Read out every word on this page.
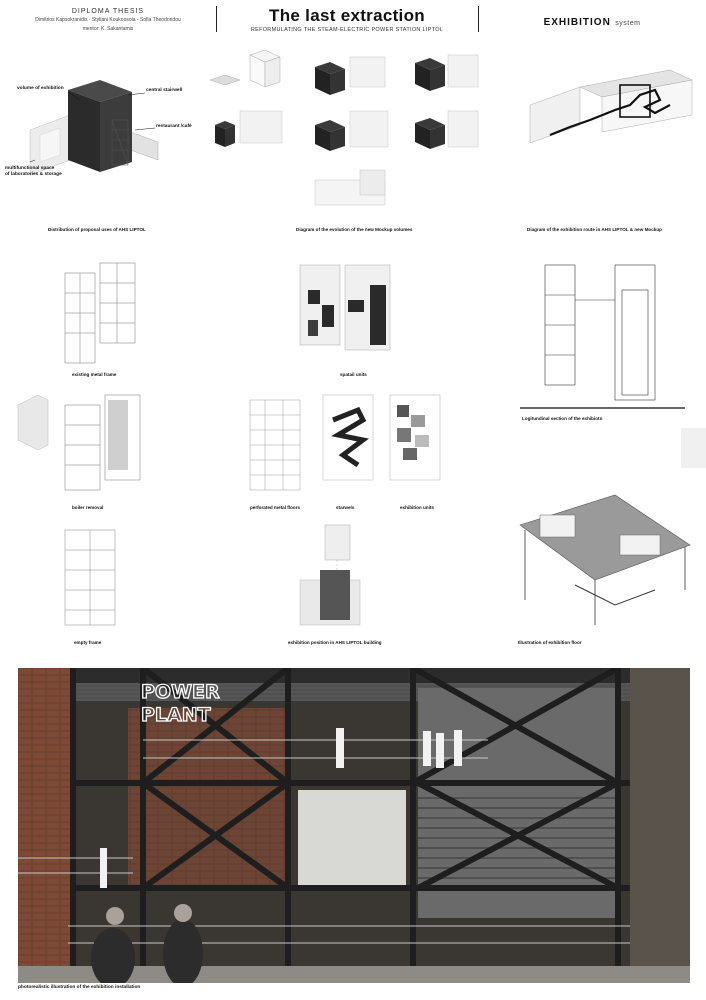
DIPLOMA THESIS
Dimitrios Kapsokranidis - Styliani Koukoosola - Sofia Theodoridou
mentor: K. Sakantamis
The last extraction
REFORMULATING THE STEAM-ELECTRIC POWER STATION LIPTOL
EXHIBITION system
volume of exhibition	central stairwell
restaurant /café
multifunctional space
of laboratories & storage
Distribution of proposal uses of AHS LIPTOL	Diagram of the evolution of the new Mockup volumes	Diagram of the exhibition route in AHS LIPTOL & new Mockup
existing metal frame	spatail units
Logitundinal section of the exhibiotn
boiler removal	perforated metal floors	starwels	exhibition units
Illustration of exhibition floor
empty frame	exhibition position in AHS LIPTOL building
POWER
PLANT
photorealistic illustration of the exhibition installation
